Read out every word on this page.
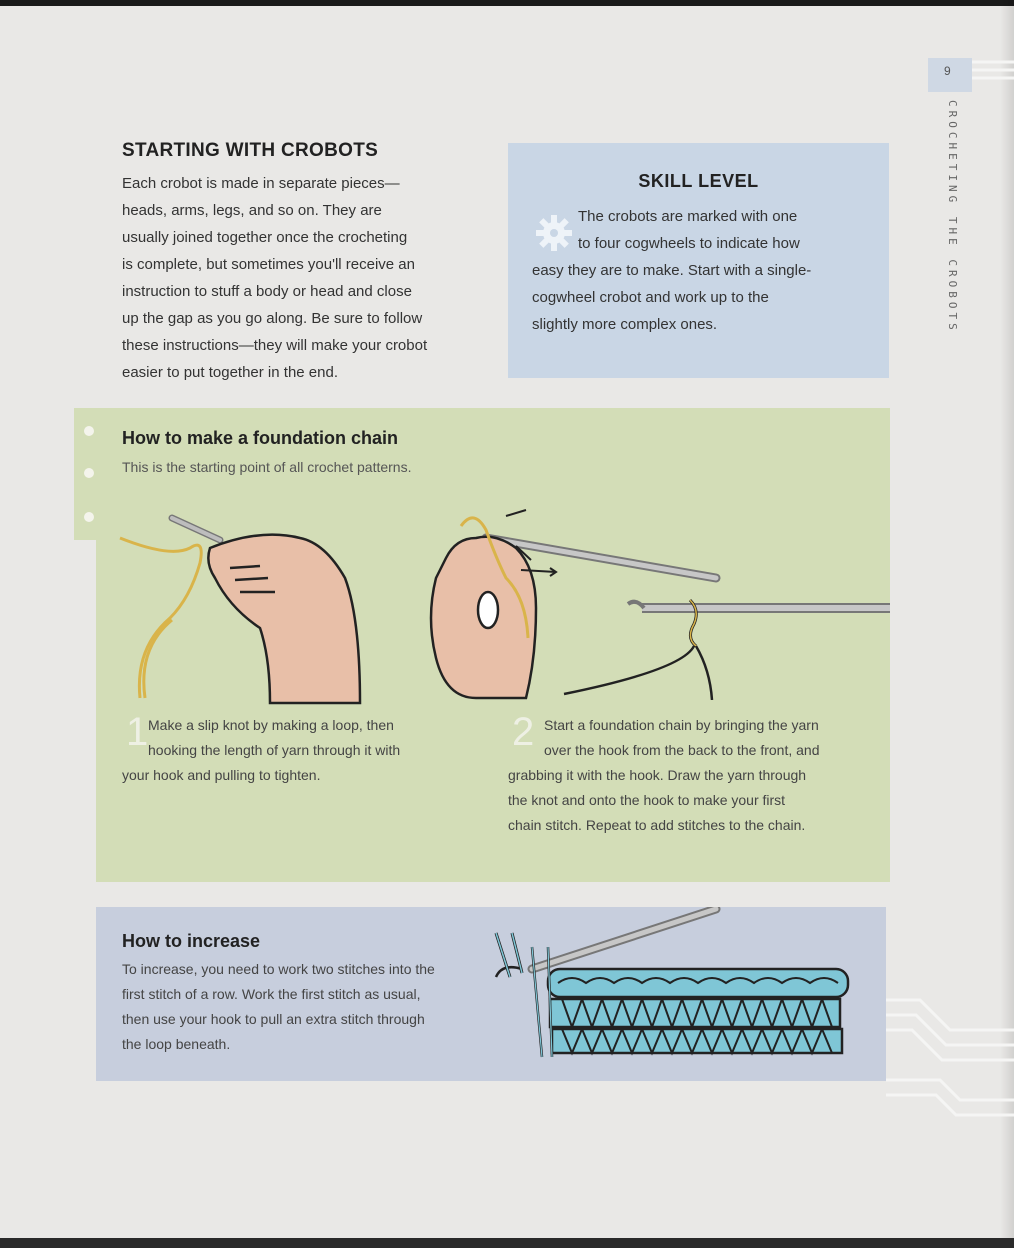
9
CROCHETING THE CROBOTS
STARTING WITH CROBOTS

Each crobot is made in separate pieces—
heads, arms, legs, and so on. They are
usually joined together once the crocheting
is complete, but sometimes you'll receive an
instruction to stuff a body or head and close
up the gap as you go along. Be sure to follow
these instructions—they will make your crobot
easier to put together in the end.

SKILL LEVEL

The crobots are marked with one
to four cogwheels to indicate how
easy they are to make. Start with a single-
cogwheel crobot and work up to the
slightly more complex ones.

How to make a foundation chain

This is the starting point of all crochet patterns.

1 Make a slip knot by making a loop, then
hooking the length of yarn through it with
your hook and pulling to tighten.

2 Start a foundation chain by bringing the yarn
over the hook from the back to the front, and
grabbing it with the hook. Draw the yarn through
the knot and onto the hook to make your first
chain stitch. Repeat to add stitches to the chain.

How to increase

To increase, you need to work two stitches into the
first stitch of a row. Work the first stitch as usual,
then use your hook to pull an extra stitch through
the loop beneath.
